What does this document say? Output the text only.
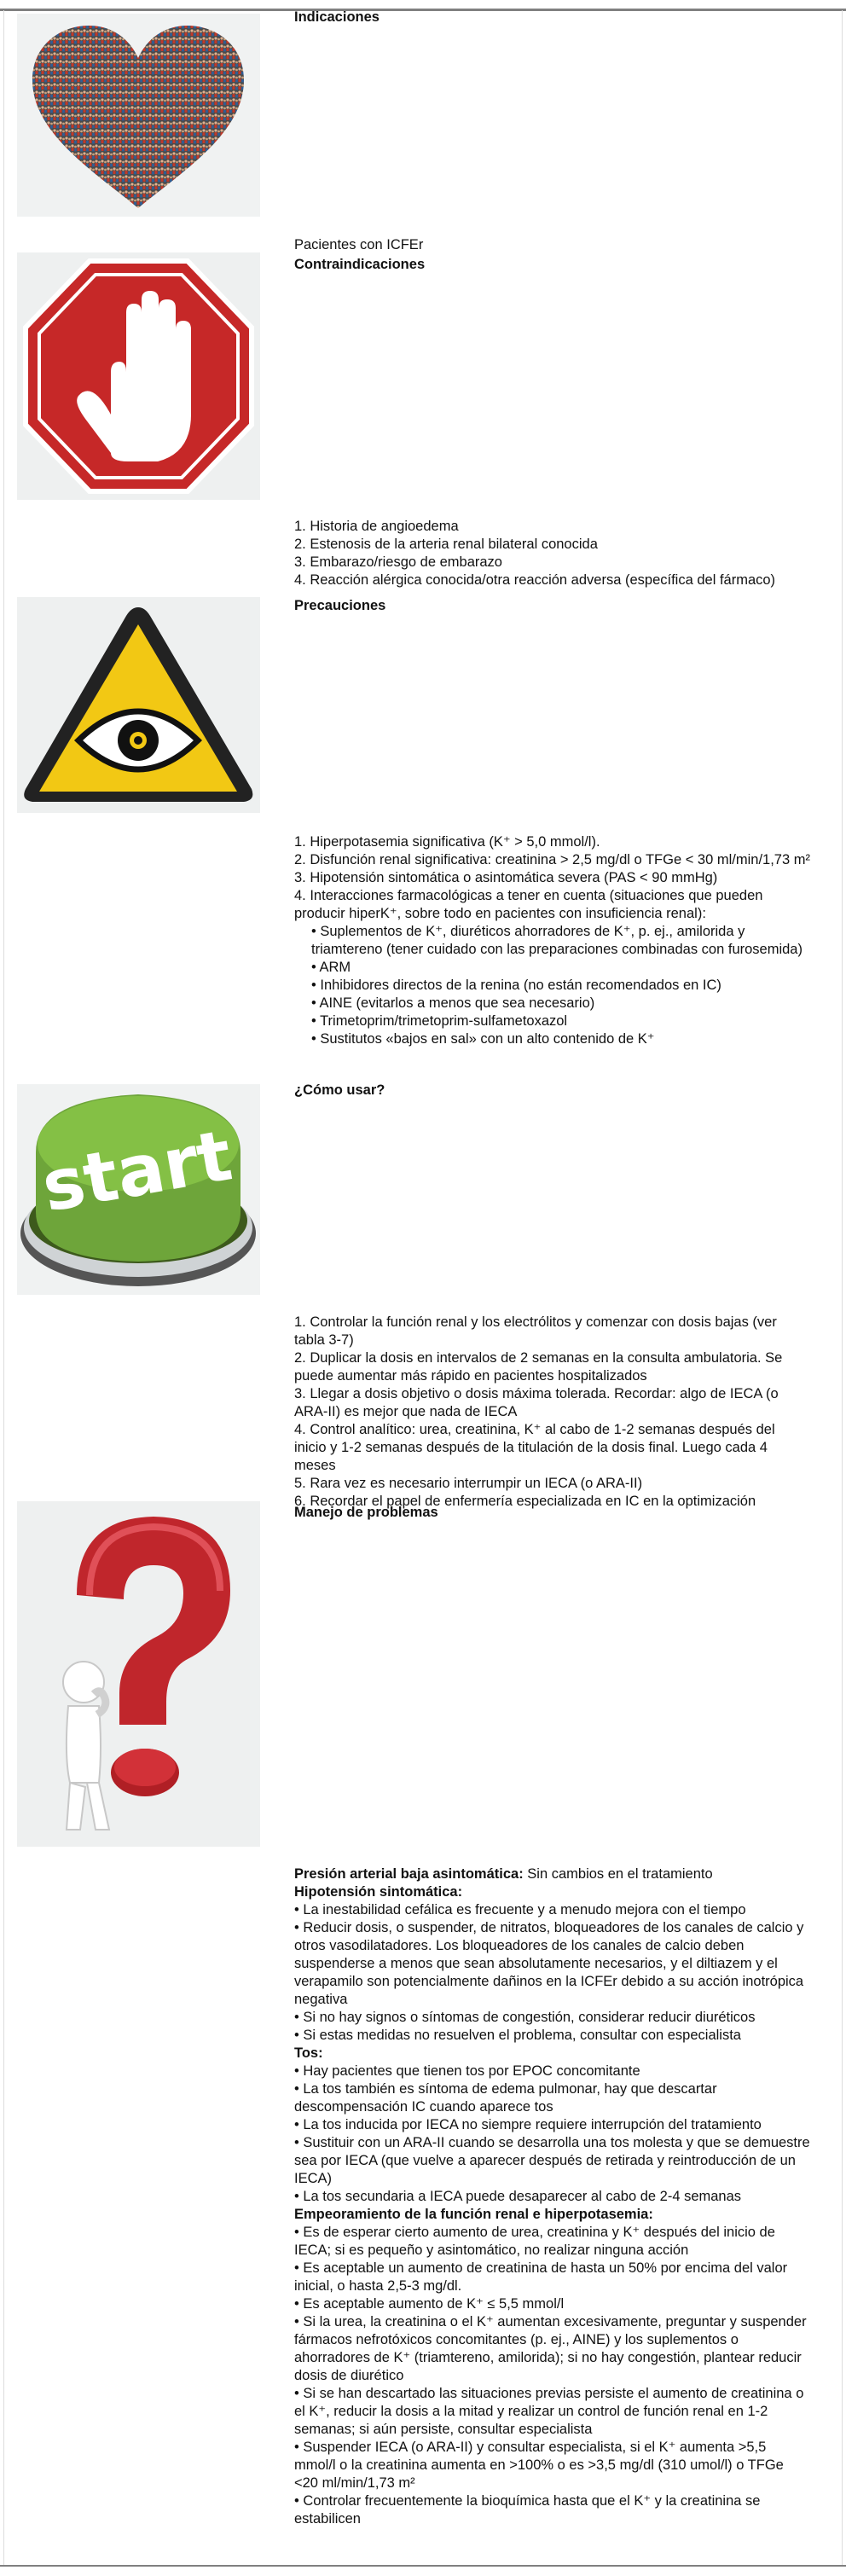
Indicaciones

Pacientes con ICFEr

Contraindicaciones

1. Historia de angioedema
2. Estenosis de la arteria renal bilateral conocida
3. Embarazo/riesgo de embarazo
4. Reacción alérgica conocida/otra reacción adversa (específica del fármaco)

Precauciones

1. Hiperpotasemia significativa (K⁺ > 5,0 mmol/l).
2. Disfunción renal significativa: creatinina > 2,5 mg/dl o TFGe < 30 ml/min/1,73 m²
3. Hipotensión sintomática o asintomática severa (PAS < 90 mmHg)
4. Interacciones farmacológicas a tener en cuenta (situaciones que pueden producir hiperK⁺, sobre todo en pacientes con insuficiencia renal):
• Suplementos de K⁺, diuréticos ahorradores de K⁺, p. ej., amilorida y triamtereno (tener cuidado con las preparaciones combinadas con furosemida)
• ARM
• Inhibidores directos de la renina (no están recomendados en IC)
• AINE (evitarlos a menos que sea necesario)
• Trimetoprim/trimetoprim-sulfametoxazol
• Sustitutos «bajos en sal» con un alto contenido de K⁺
start

¿Cómo usar?

1. Controlar la función renal y los electrólitos y comenzar con dosis bajas (ver tabla 3-7)
2. Duplicar la dosis en intervalos de 2 semanas en la consulta ambulatoria. Se puede aumentar más rápido en pacientes hospitalizados
3. Llegar a dosis objetivo o dosis máxima tolerada. Recordar: algo de IECA (o ARA-II) es mejor que nada de IECA
4. Control analítico: urea, creatinina, K⁺ al cabo de 1-2 semanas después del inicio y 1-2 semanas después de la titulación de la dosis final. Luego cada 4 meses
5. Rara vez es necesario interrumpir un IECA (o ARA-II)
6. Recordar el papel de enfermería especializada en IC en la optimización

Manejo de problemas

Presión arterial baja asintomática: Sin cambios en el tratamiento

Hipotensión sintomática:

• La inestabilidad cefálica es frecuente y a menudo mejora con el tiempo
• Reducir dosis, o suspender, de nitratos, bloqueadores de los canales de calcio y otros vasodilatadores. Los bloqueadores de los canales de calcio deben suspenderse a menos que sean absolutamente necesarios, y el diltiazem y el verapamilo son potencialmente dañinos en la ICFEr debido a su acción inotrópica negativa
• Si no hay signos o síntomas de congestión, considerar reducir diuréticos
• Si estas medidas no resuelven el problema, consultar con especialista

Tos:

• Hay pacientes que tienen tos por EPOC concomitante
• La tos también es síntoma de edema pulmonar, hay que descartar descompensación IC cuando aparece tos
• La tos inducida por IECA no siempre requiere interrupción del tratamiento
• Sustituir con un ARA-II cuando se desarrolla una tos molesta y que se demuestre sea por IECA (que vuelve a aparecer después de retirada y reintroducción de un IECA)
• La tos secundaria a IECA puede desaparecer al cabo de 2-4 semanas

Empeoramiento de la función renal e hiperpotasemia:

• Es de esperar cierto aumento de urea, creatinina y K⁺ después del inicio de IECA; si es pequeño y asintomático, no realizar ninguna acción
• Es aceptable un aumento de creatinina de hasta un 50% por encima del valor inicial, o hasta 2,5-3 mg/dl.
• Es aceptable aumento de K⁺ ≤ 5,5 mmol/l
• Si la urea, la creatinina o el K⁺ aumentan excesivamente, preguntar y suspender fármacos nefrotóxicos concomitantes (p. ej., AINE) y los suplementos o ahorradores de K⁺ (triamtereno, amilorida); si no hay congestión, plantear reducir dosis de diurético
• Si se han descartado las situaciones previas persiste el aumento de creatinina o el K⁺, reducir la dosis a la mitad y realizar un control de función renal en 1-2 semanas; si aún persiste, consultar especialista
• Suspender IECA (o ARA-II) y consultar especialista, si el K⁺ aumenta >5,5 mmol/l o la creatinina aumenta en >100% o es >3,5 mg/dl (310 umol/l) o TFGe <20 ml/min/1,73 m²
• Controlar frecuentemente la bioquímica hasta que el K⁺ y la creatinina se estabilicen
